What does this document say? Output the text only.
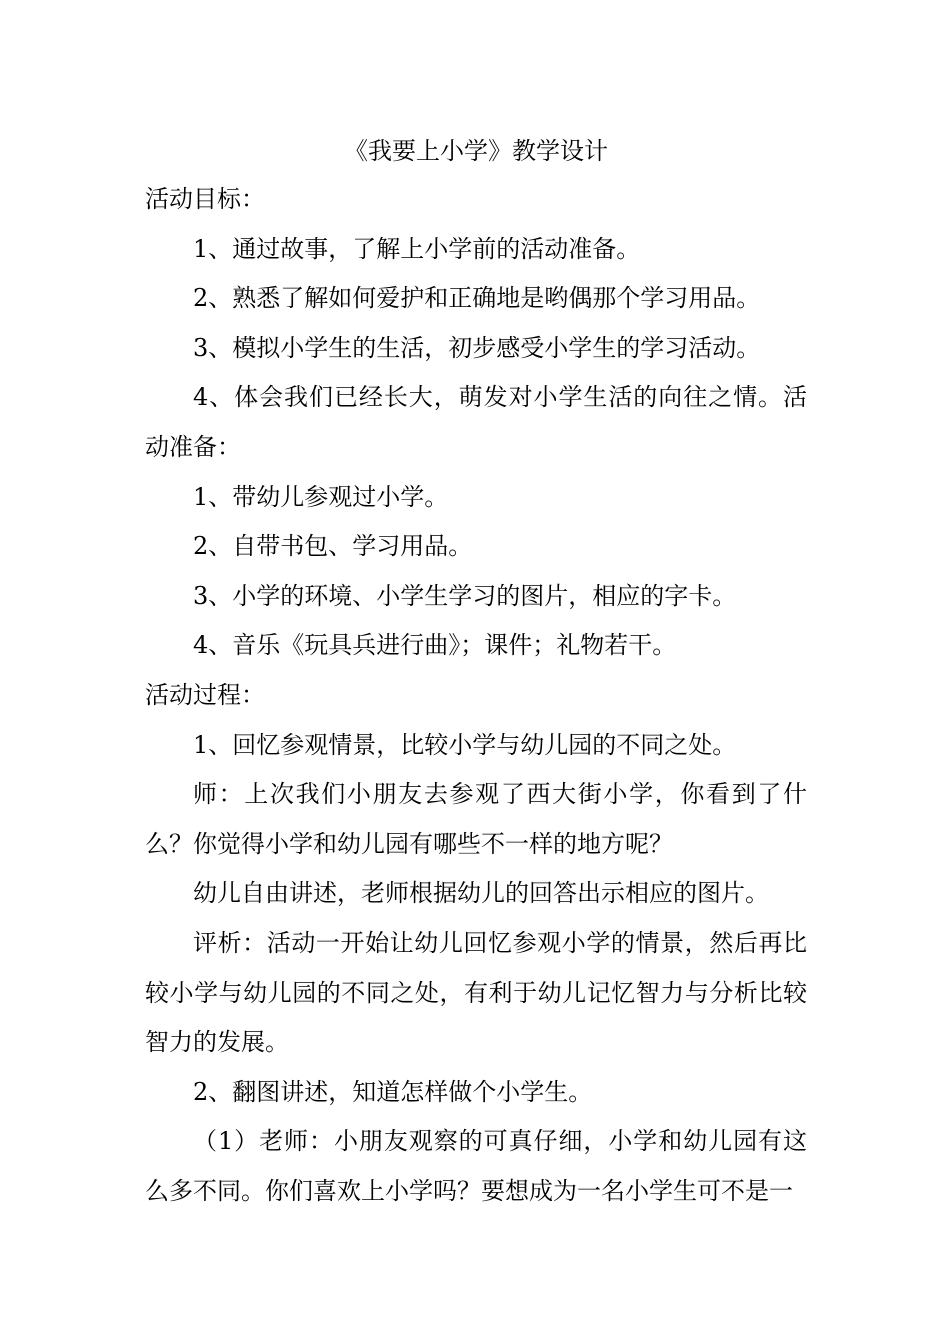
《我要上小学》教学设计

活动目标：

1、通过故事，了解上小学前的活动准备。

2、熟悉了解如何爱护和正确地是哟偶那个学习用品。

3、模拟小学生的生活，初步感受小学生的学习活动。

4、体会我们已经长大，萌发对小学生活的向往之情。活动准备：

1、带幼儿参观过小学。

2、自带书包、学习用品。

3、小学的环境、小学生学习的图片，相应的字卡。

4、音乐《玩具兵进行曲》；课件；礼物若干。

活动过程：

1、回忆参观情景，比较小学与幼儿园的不同之处。

师：上次我们小朋友去参观了西大街小学，你看到了什么？你觉得小学和幼儿园有哪些不一样的地方呢？

幼儿自由讲述，老师根据幼儿的回答出示相应的图片。

评析：活动一开始让幼儿回忆参观小学的情景，然后再比较小学与幼儿园的不同之处，有利于幼儿记忆智力与分析比较智力的发展。

2、翻图讲述，知道怎样做个小学生。

（1）老师：小朋友观察的可真仔细，小学和幼儿园有这么多不同。你们喜欢上小学吗？要想成为一名小学生可不是一
